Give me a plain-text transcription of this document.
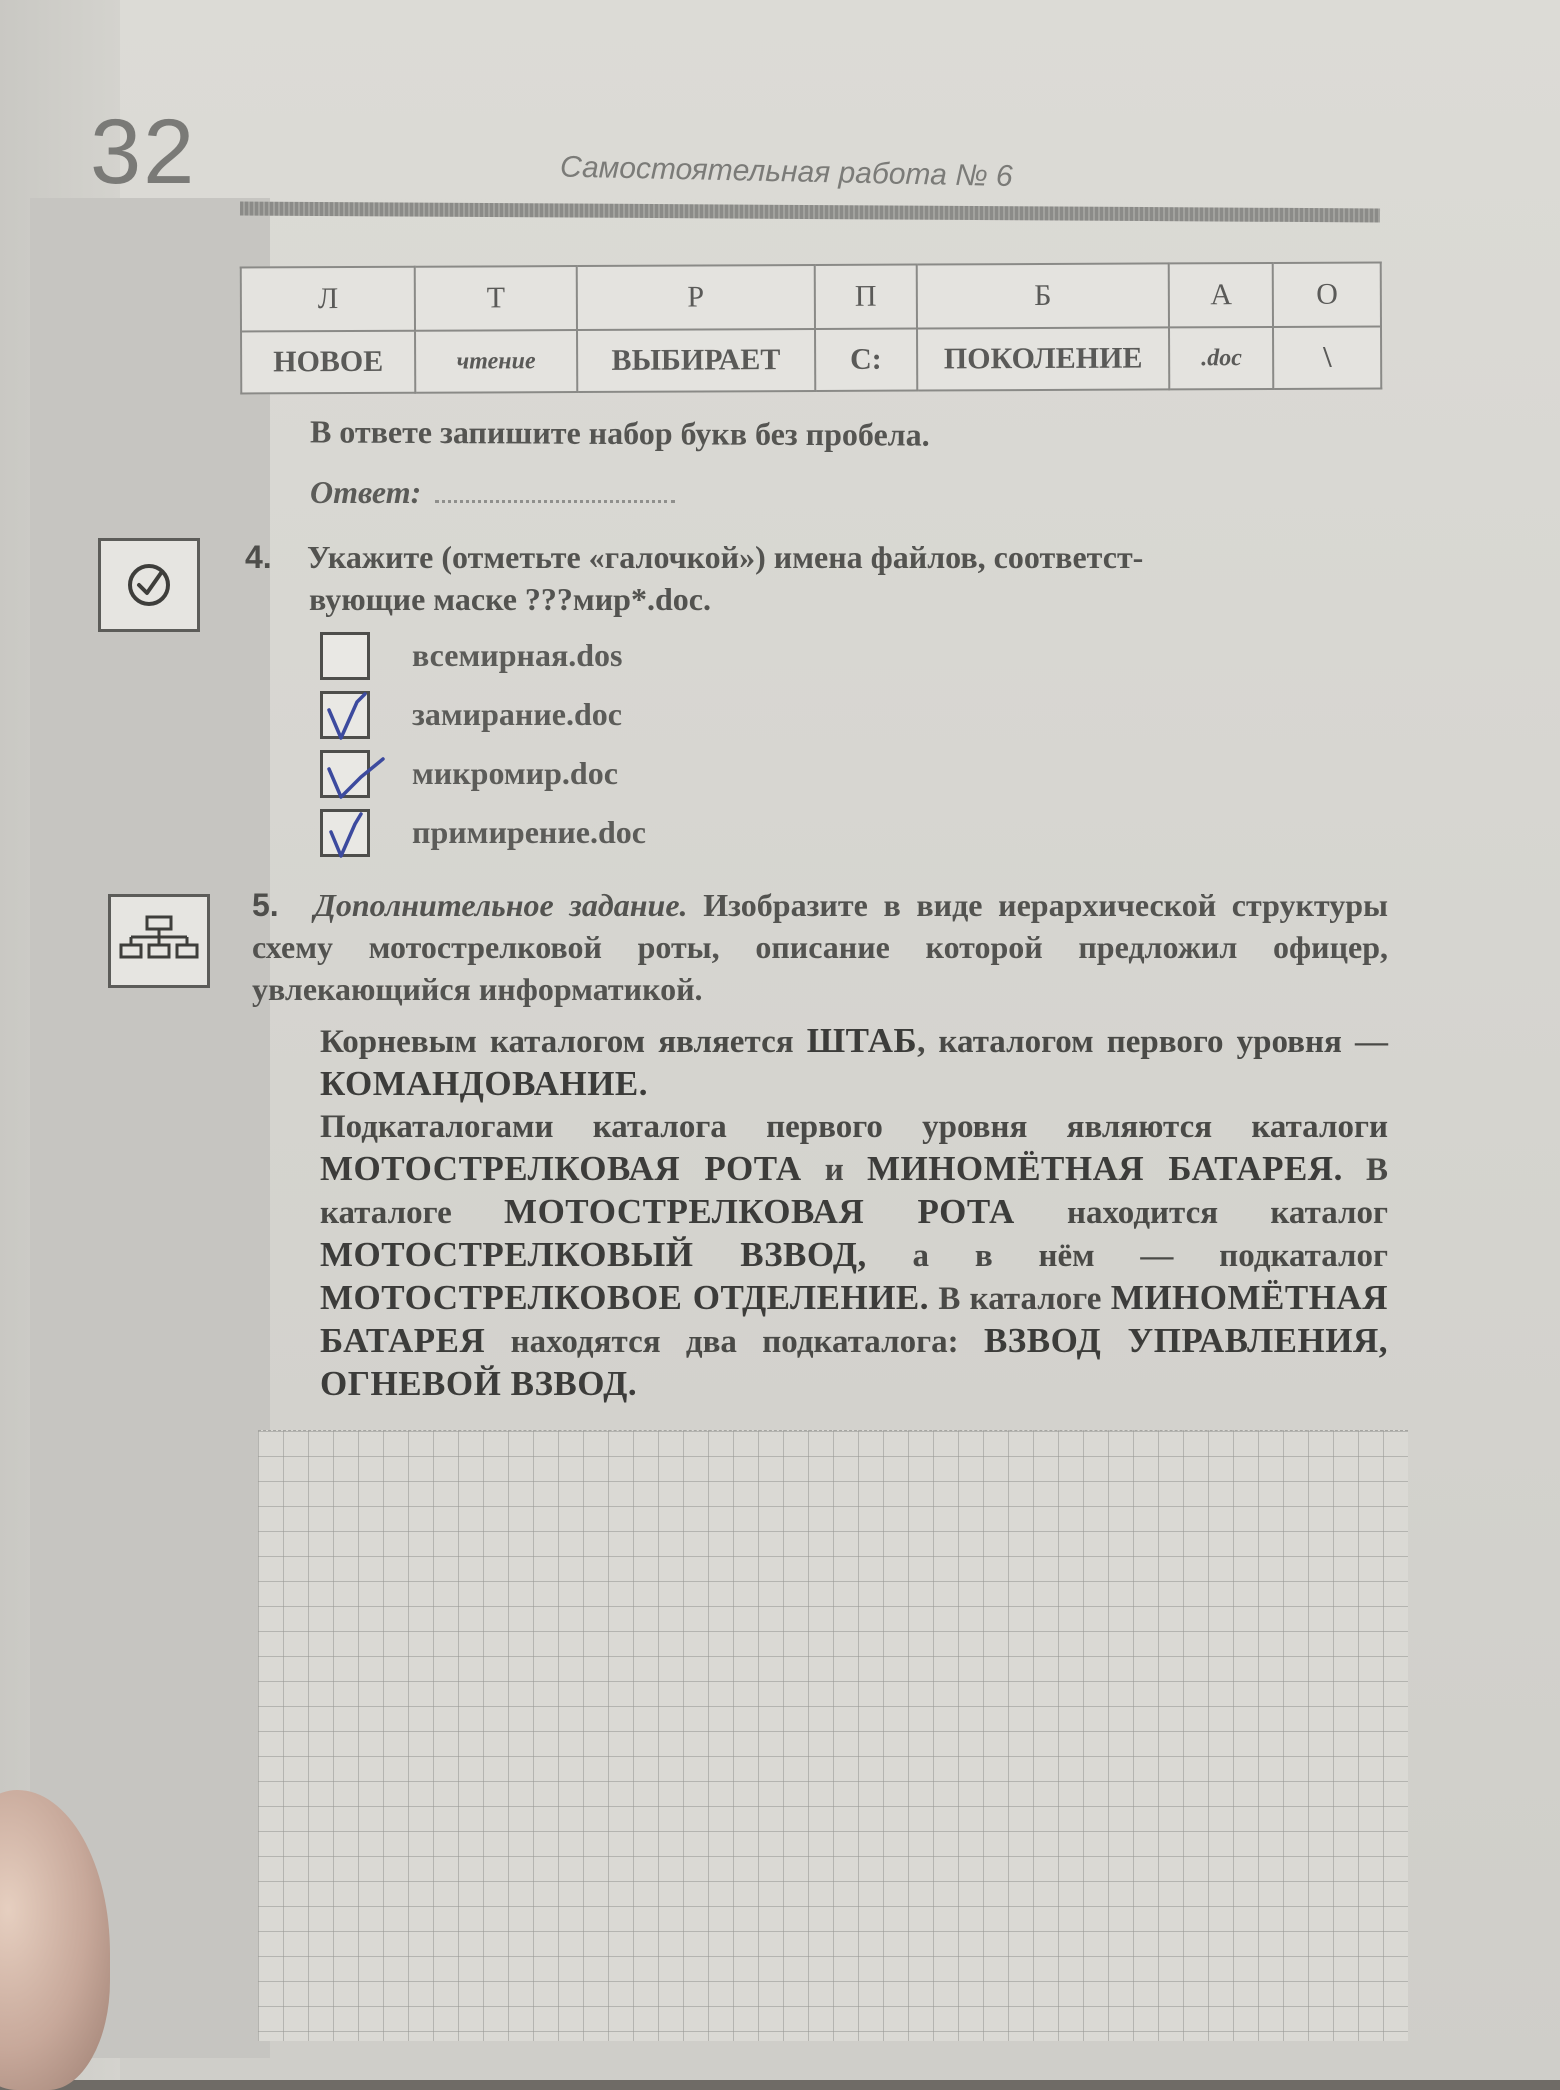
32	Самостоятельная работа № 6
Л	Т	Р	П	Б	А	О
НОВОЕ	чтение	ВЫБИРАЕТ	С:	ПОКОЛЕНИЕ	.doc	\
В ответе запишите набор букв без пробела.
Ответ:
4. Укажите (отметьте «галочкой») имена файлов, соответст-
вующие маске ???мир*.doc.
всемирная.dos
замирание.doc
микромир.doc
примирение.doc
5. Дополнительное задание. Изобразите в виде иерархической структуры схему мотострелковой роты, описание которой предложил офицер, увлекающийся информатикой.

Корневым каталогом является ШТАБ, каталогом первого уровня — КОМАНДОВАНИЕ.

Подкаталогами каталога первого уровня являются каталоги МОТОСТРЕЛКОВАЯ РОТА и МИНОМЁТНАЯ БАТАРЕЯ. В каталоге МОТОСТРЕЛКОВАЯ РОТА находится каталог МОТОСТРЕЛКОВЫЙ ВЗВОД, а в нём — подкаталог МОТОСТРЕЛКОВОЕ ОТДЕЛЕНИЕ. В каталоге МИНОМЁТНАЯ БАТАРЕЯ находятся два подкаталога: ВЗВОД УПРАВЛЕНИЯ, ОГНЕВОЙ ВЗВОД.
